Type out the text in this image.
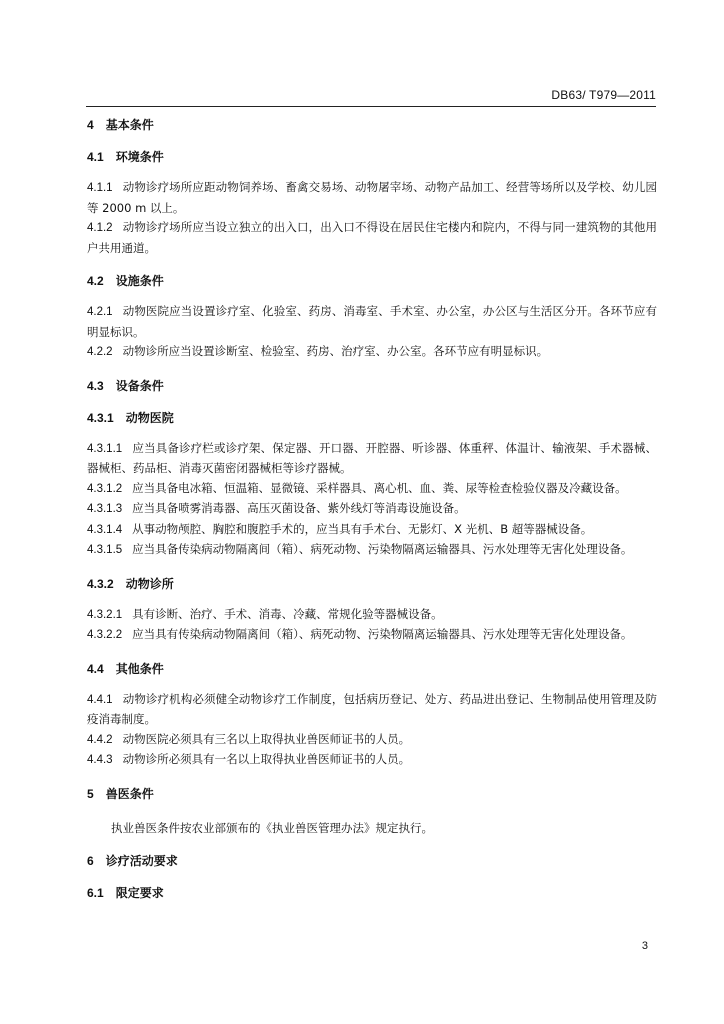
DB63/ T979—2011

4 基本条件

4.1 环境条件

4.1.1 动物诊疗场所应距动物饲养场、畜禽交易场、动物屠宰场、动物产品加工、经营等场所以及学校、幼儿园等 2000 m 以上。

4.1.2 动物诊疗场所应当设立独立的出入口，出入口不得设在居民住宅楼内和院内，不得与同一建筑物的其他用户共用通道。

4.2 设施条件

4.2.1 动物医院应当设置诊疗室、化验室、药房、消毒室、手术室、办公室，办公区与生活区分开。各环节应有明显标识。

4.2.2 动物诊所应当设置诊断室、检验室、药房、治疗室、办公室。各环节应有明显标识。

4.3 设备条件

4.3.1 动物医院

4.3.1.1 应当具备诊疗栏或诊疗架、保定器、开口器、开腔器、听诊器、体重秤、体温计、输液架、手术器械、器械柜、药品柜、消毒灭菌密闭器械柜等诊疗器械。

4.3.1.2 应当具备电冰箱、恒温箱、显微镜、采样器具、离心机、血、粪、尿等检查检验仪器及冷藏设备。

4.3.1.3 应当具备喷雾消毒器、高压灭菌设备、紫外线灯等消毒设施设备。

4.3.1.4 从事动物颅腔、胸腔和腹腔手术的，应当具有手术台、无影灯、X 光机、B 超等器械设备。

4.3.1.5 应当具备传染病动物隔离间（箱）、病死动物、污染物隔离运输器具、污水处理等无害化处理设备。

4.3.2 动物诊所

4.3.2.1 具有诊断、治疗、手术、消毒、冷藏、常规化验等器械设备。

4.3.2.2 应当具有传染病动物隔离间（箱）、病死动物、污染物隔离运输器具、污水处理等无害化处理设备。

4.4 其他条件

4.4.1 动物诊疗机构必须健全动物诊疗工作制度，包括病历登记、处方、药品进出登记、生物制品使用管理及防疫消毒制度。

4.4.2 动物医院必须具有三名以上取得执业兽医师证书的人员。

4.4.3 动物诊所必须具有一名以上取得执业兽医师证书的人员。

5 兽医条件

执业兽医条件按农业部颁布的《执业兽医管理办法》规定执行。

6 诊疗活动要求

6.1 限定要求

3
